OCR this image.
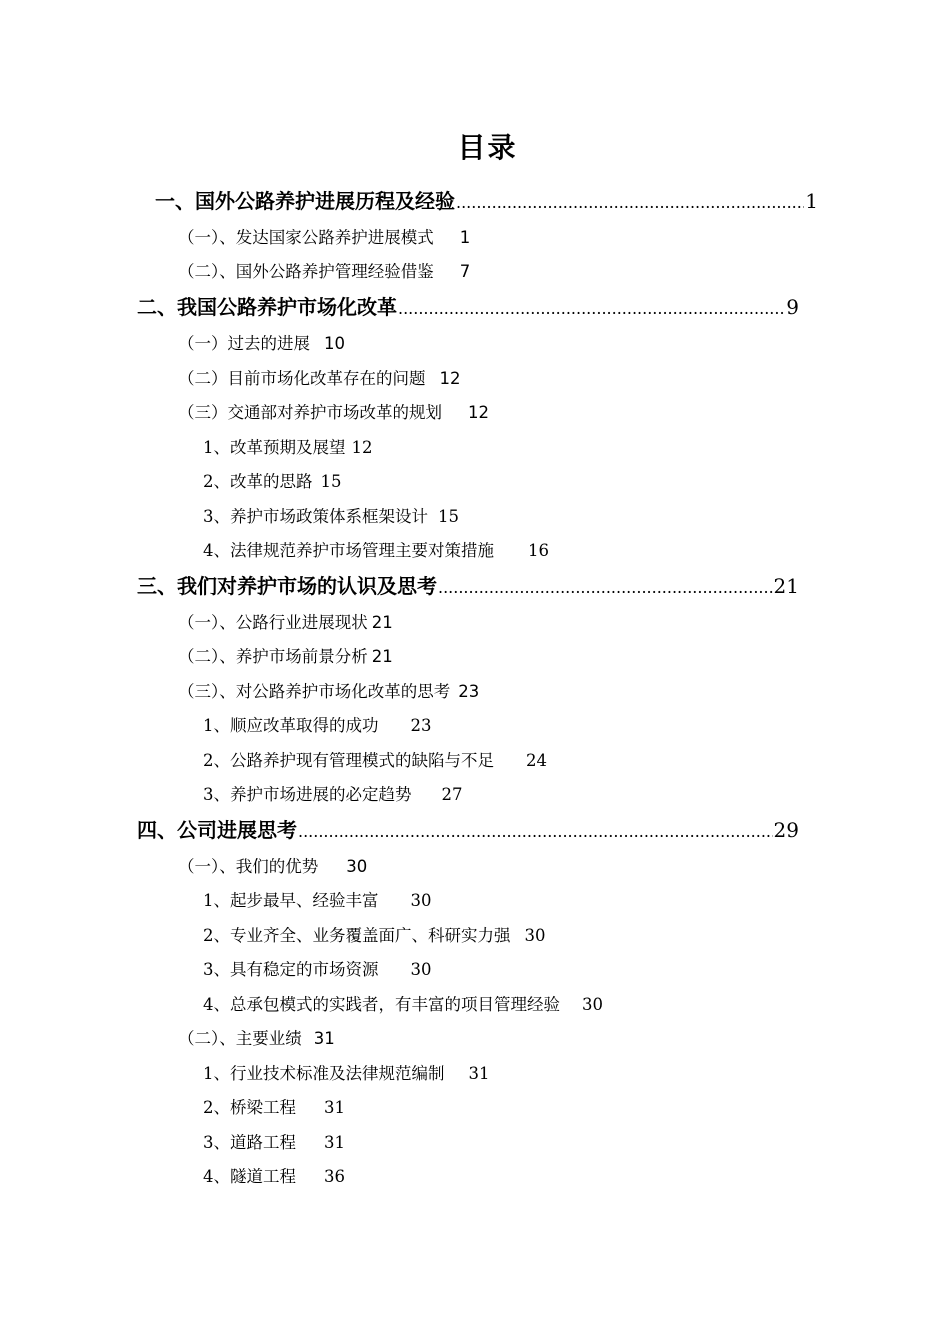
目录
一、国外公路养护进展历程及经验 .....	1
（一）、发达国家公路养护进展模式 1
（二）、国外公路养护管理经验借鉴 7
二、我国公路养护市场化改革 .....	9
（一）过去的进展 10
（二）目前市场化改革存在的问题 12
（三）交通部对养护市场改革的规划 12
1、改革预期及展望 12
2、改革的思路 15
3、养护市场政策体系框架设计 15
4、法律规范养护市场管理主要对策措施 16
三、我们对养护市场的认识及思考 .....	21
（一）、公路行业进展现状 21
（二）、养护市场前景分析 21
（三）、对公路养护市场化改革的思考 23
1、顺应改革取得的成功 23
2、公路养护现有管理模式的缺陷与不足 24
3、养护市场进展的必定趋势 27
四、公司进展思考 .....	29
（一）、我们的优势 30
1、起步最早、经验丰富 30
2、专业齐全、业务覆盖面广、科研实力强 30
3、具有稳定的市场资源 30
4、总承包模式的实践者，有丰富的项目管理经验 30
（二）、主要业绩 31
1、行业技术标准及法律规范编制 31
2、桥梁工程 31
3、道路工程 31
4、隧道工程 36
